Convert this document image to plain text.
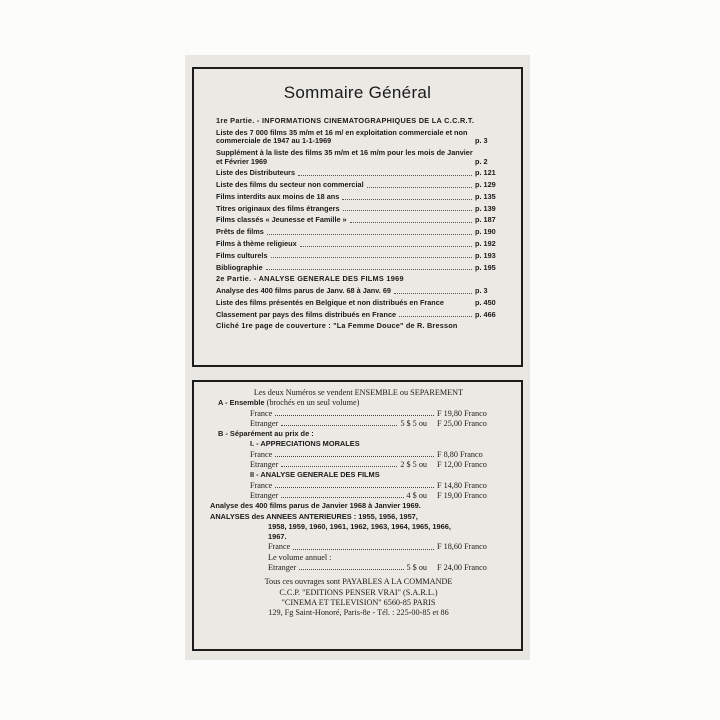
Sommaire Général
1re Partie. - INFORMATIONS CINEMATOGRAPHIQUES DE LA C.C.R.T.
Liste des 7 000 films 35 m/m et 16 m/ en exploitation commerciale et non commerciale de 1947 au 1-1-1969	p. 3
Supplément à la liste des films 35 m/m et 16 m/m pour les mois de Janvier et Février 1969	p. 2
Liste des Distributeurs	p. 121
Liste des films du secteur non commercial	p. 129
Films interdits aux moins de 18 ans	p. 135
Titres originaux des films étrangers	p. 139
Films classés « Jeunesse et Famille »	p. 187
Prêts de films	p. 190
Films à thème religieux	p. 192
Films culturels	p. 193
Bibliographie	p. 195
2e Partie. - ANALYSE GENERALE DES FILMS 1969
Analyse des 400 films parus de Janv. 68 à Janv. 69	p. 3
Liste des films présentés en Belgique et non distribués en France	p. 450
Classement par pays des films distribués en France	p. 466
Cliché 1re page de couverture : "La Femme Douce" de R. Bresson
Les deux Numéros se vendent ENSEMBLE ou SEPAREMENT
A - Ensemble (brochés en un seul volume)
France	F 19,80 Franco
Etranger	5 $ 5 ou F 25,00 Franco
B - Séparément au prix de :
I. - APPRECIATIONS MORALES
France	F 8,80 Franco
Etranger	2 $ 5 ou F 12,00 Franco
II - ANALYSE GENERALE DES FILMS
France	F 14,80 Franco
Etranger	4 $ ou F 19,00 Franco
Analyse des 400 films parus de Janvier 1968 à Janvier 1969.
ANALYSES des ANNEES ANTERIEURES : 1955, 1956, 1957,
1958, 1959, 1960, 1961, 1962, 1963, 1964, 1965, 1966,
1967.
France	F 18,60 Franco
Le volume annuel :
Etranger	5 $ ou F 24,00 Franco
Tous ces ouvrages sont PAYABLES A LA COMMANDE
C.C.P. "EDITIONS PENSER VRAI" (S.A.R.L.)
"CINEMA ET TELEVISION" 6560-85 PARIS
129, Fg Saint-Honoré, Paris-8e - Tél. : 225-00-85 et 86
